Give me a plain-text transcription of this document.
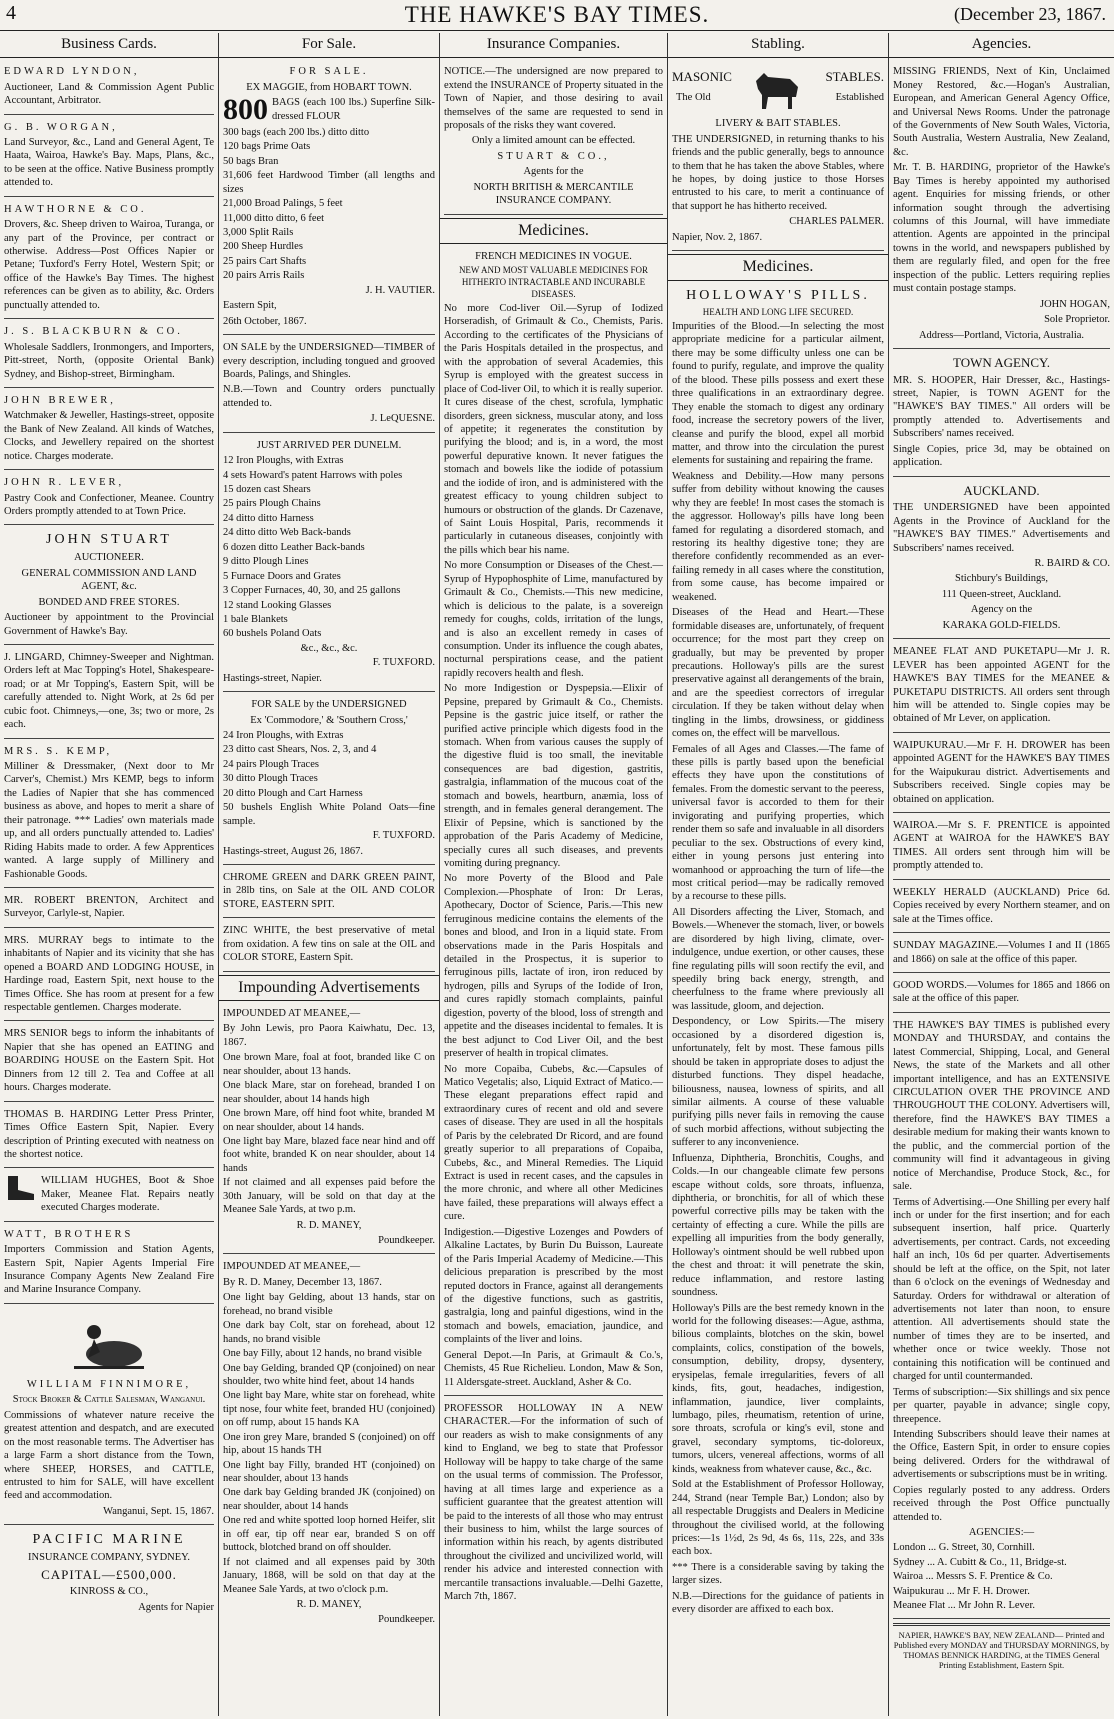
4	THE HAWKE'S BAY TIMES.	(December 23, 1867.
Business Cards.

EDWARD LYNDON,

Auctioneer, Land & Commission Agent Public Accountant, Arbitrator.

G. B. WORGAN,

Land Surveyor, &c., Land and General Agent, Te Haata, Wairoa, Hawke's Bay. Maps, Plans, &c., to be seen at the office. Native Business promptly attended to.

HAWTHORNE & CO.

Drovers, &c. Sheep driven to Wairoa, Turanga, or any part of the Province, per contract or otherwise. Address—Post Offices Napier or Petane; Tuxford's Ferry Hotel, Western Spit; or office of the Hawke's Bay Times. The highest references can be given as to ability, &c. Orders punctually attended to.

J. S. BLACKBURN & CO.

Wholesale Saddlers, Ironmongers, and Importers, Pitt-street, North, (opposite Oriental Bank) Sydney, and Bishop-street, Birmingham.

JOHN BREWER,

Watchmaker & Jeweller, Hastings-street, opposite the Bank of New Zealand. All kinds of Watches, Clocks, and Jewellery repaired on the shortest notice. Charges moderate.

JOHN R. LEVER,

Pastry Cook and Confectioner, Meanee. Country Orders promptly attended to at Town Price.

JOHN STUART

AUCTIONEER.

GENERAL COMMISSION AND LAND AGENT, &c.

BONDED AND FREE STORES.

Auctioneer by appointment to the Provincial Government of Hawke's Bay.

J. LINGARD, Chimney-Sweeper and Nightman. Orders left at Mac Topping's Hotel, Shakespeare-road; or at Mr Topping's, Eastern Spit, will be carefully attended to. Night Work, at 2s 6d per cubic foot. Chimneys,—one, 3s; two or more, 2s each.

MRS. S. KEMP,

Milliner & Dressmaker, (Next door to Mr Carver's, Chemist.) Mrs KEMP, begs to inform the Ladies of Napier that she has commenced business as above, and hopes to merit a share of their patronage. *** Ladies' own materials made up, and all orders punctually attended to. Ladies' Riding Habits made to order. A few Apprentices wanted. A large supply of Millinery and Fashionable Goods.

MR. ROBERT BRENTON, Architect and Surveyor, Carlyle-st, Napier.

MRS. MURRAY begs to intimate to the inhabitants of Napier and its vicinity that she has opened a BOARD AND LODGING HOUSE, in Hardinge road, Eastern Spit, next house to the Times Office. She has room at present for a few respectable gentlemen. Charges moderate.

MRS SENIOR begs to inform the inhabitants of Napier that she has opened an EATING and BOARDING HOUSE on the Eastern Spit. Hot Dinners from 12 till 2. Tea and Coffee at all hours. Charges moderate.

THOMAS B. HARDING Letter Press Printer, Times Office Eastern Spit, Napier. Every description of Printing executed with neatness on the shortest notice.

WILLIAM HUGHES, Boot & Shoe Maker, Meanee Flat. Repairs neatly executed Charges moderate.

WATT, BROTHERS

Importers Commission and Station Agents, Eastern Spit, Napier Agents Imperial Fire Insurance Company Agents New Zealand Fire and Marine Insurance Company.

WILLIAM FINNIMORE,

Stock Broker & Cattle Salesman, Wanganui.

Commissions of whatever nature receive the greatest attention and despatch, and are executed on the most reasonable terms. The Advertiser has a large Farm a short distance from the Town, where SHEEP, HORSES, and CATTLE, entrusted to him for SALE, will have excellent feed and accommodation.

Wanganui, Sept. 15, 1867.

PACIFIC MARINE

INSURANCE COMPANY, SYDNEY.

CAPITAL—£500,000.

KINROSS & CO.,

Agents for Napier

For Sale.

FOR SALE.

EX MAGGIE, from HOBART TOWN.

800 BAGS (each 100 lbs.) Superfine Silk-dressed FLOUR

300 bags (each 200 lbs.) ditto ditto
120 bags Prime Oats
50 bags Bran
31,606 feet Hardwood Timber (all lengths and sizes
21,000 Broad Palings, 5 feet
11,000 ditto ditto, 6 feet
3,000 Split Rails
200 Sheep Hurdles
25 pairs Cart Shafts
20 pairs Arris Rails

J. H. VAUTIER.

Eastern Spit,

26th October, 1867.

ON SALE by the UNDERSIGNED—TIMBER of every description, including tongued and grooved Boards, Palings, and Shingles.

N.B.—Town and Country orders punctually attended to.

J. LeQUESNE.

JUST ARRIVED PER DUNELM.

12 Iron Ploughs, with Extras
4 sets Howard's patent Harrows with poles
15 dozen cast Shears
25 pairs Plough Chains
24 ditto ditto Harness
24 ditto ditto Web Back-bands
6 dozen ditto Leather Back-bands
9 ditto Plough Lines
5 Furnace Doors and Grates
3 Copper Furnaces, 40, 30, and 25 gallons
12 stand Looking Glasses
1 bale Blankets
60 bushels Poland Oats
&c., &c., &c.

F. TUXFORD.

Hastings-street, Napier.

FOR SALE by the UNDERSIGNED

Ex 'Commodore,' & 'Southern Cross,'

24 Iron Ploughs, with Extras
23 ditto cast Shears, Nos. 2, 3, and 4
24 pairs Plough Traces
30 ditto Plough Traces
20 ditto Plough and Cart Harness
50 bushels English White Poland Oats—fine sample.

F. TUXFORD.

Hastings-street, August 26, 1867.

CHROME GREEN and DARK GREEN PAINT, in 28lb tins, on Sale at the OIL AND COLOR STORE, EASTERN SPIT.

ZINC WHITE, the best preservative of metal from oxidation. A few tins on sale at the OIL and COLOR STORE, Eastern Spit.

Impounding Advertisements

IMPOUNDED AT MEANEE,—

By John Lewis, pro Paora Kaiwhatu, Dec. 13, 1867.

One brown Mare, foal at foot, branded like C on near shoulder, about 13 hands.
One black Mare, star on forehead, branded I on near shoulder, about 14 hands high
One brown Mare, off hind foot white, branded M on near shoulder, about 14 hands.
One light bay Mare, blazed face near hind and off foot white, branded K on near shoulder, about 14 hands

If not claimed and all expenses paid before the 30th January, will be sold on that day at the Meanee Sale Yards, at two p.m.

R. D. MANEY,

Poundkeeper.

IMPOUNDED AT MEANEE,—

By R. D. Maney, December 13, 1867.

One light bay Gelding, about 13 hands, star on forehead, no brand visible
One dark bay Colt, star on forehead, about 12 hands, no brand visible
One bay Filly, about 12 hands, no brand visible
One bay Gelding, branded QP (conjoined) on near shoulder, two white hind feet, about 14 hands
One light bay Mare, white star on forehead, white tipt nose, four white feet, branded HU (conjoined) on off rump, about 15 hands KA
One iron grey Mare, branded S (conjoined) on off hip, about 15 hands TH
One light bay Filly, branded HT (conjoined) on near shoulder, about 13 hands
One dark bay Gelding branded JK (conjoined) on near shoulder, about 14 hands
One red and white spotted loop horned Heifer, slit in off ear, tip off near ear, branded S on off buttock, blotched brand on off shoulder.

If not claimed and all expenses paid by 30th January, 1868, will be sold on that day at the Meanee Sale Yards, at two o'clock p.m.

R. D. MANEY,

Poundkeeper.

Insurance Companies.

NOTICE.—The undersigned are now prepared to extend the INSURANCE of Property situated in the Town of Napier, and those desiring to avail themselves of the same are requested to send in proposals of the risks they want covered.

Only a limited amount can be effected.

STUART & CO.,

Agents for the

NORTH BRITISH & MERCANTILE INSURANCE COMPANY.

Medicines.

FRENCH MEDICINES IN VOGUE.

NEW AND MOST VALUABLE MEDICINES FOR HITHERTO INTRACTABLE AND INCURABLE DISEASES.

No more Cod-liver Oil.—Syrup of Iodized Horseradish, of Grimault & Co., Chemists, Paris. According to the certificates of the Physicians of the Paris Hospitals detailed in the prospectus, and with the approbation of several Academies, this Syrup is employed with the greatest success in place of Cod-liver Oil, to which it is really superior. It cures disease of the chest, scrofula, lymphatic disorders, green sickness, muscular atony, and loss of appetite; it regenerates the constitution by purifying the blood; and is, in a word, the most powerful depurative known. It never fatigues the stomach and bowels like the iodide of potassium and the iodide of iron, and is administered with the greatest efficacy to young children subject to humours or obstruction of the glands. Dr Cazenave, of Saint Louis Hospital, Paris, recommends it particularly in cutaneous diseases, conjointly with the pills which bear his name.

No more Consumption or Diseases of the Chest.—Syrup of Hypophosphite of Lime, manufactured by Grimault & Co., Chemists.—This new medicine, which is delicious to the palate, is a sovereign remedy for coughs, colds, irritation of the lungs, and is also an excellent remedy in cases of consumption. Under its influence the cough abates, nocturnal perspirations cease, and the patient rapidly recovers health and flesh.

No more Indigestion or Dyspepsia.—Elixir of Pepsine, prepared by Grimault & Co., Chemists. Pepsine is the gastric juice itself, or rather the purified active principle which digests food in the stomach. When from various causes the supply of the digestive fluid is too small, the inevitable consequences are bad digestion, gastritis, gastralgia, inflammation of the mucous coat of the stomach and bowels, heartburn, anæmia, loss of strength, and in females general derangement. The Elixir of Pepsine, which is sanctioned by the approbation of the Paris Academy of Medicine, specially cures all such diseases, and prevents vomiting during pregnancy.

No more Poverty of the Blood and Pale Complexion.—Phosphate of Iron: Dr Leras, Apothecary, Doctor of Science, Paris.—This new ferruginous medicine contains the elements of the bones and blood, and Iron in a liquid state. From observations made in the Paris Hospitals and detailed in the Prospectus, it is superior to ferruginous pills, lactate of iron, iron reduced by hydrogen, pills and Syrups of the Iodide of Iron, and cures rapidly stomach complaints, painful digestion, poverty of the blood, loss of strength and appetite and the diseases incidental to females. It is the best adjunct to Cod Liver Oil, and the best preserver of health in tropical climates.

No more Copaiba, Cubebs, &c.—Capsules of Matico Vegetalis; also, Liquid Extract of Matico.—These elegant preparations effect rapid and extraordinary cures of recent and old and severe cases of disease. They are used in all the hospitals of Paris by the celebrated Dr Ricord, and are found greatly superior to all preparations of Copaiba, Cubebs, &c., and Mineral Remedies. The Liquid Extract is used in recent cases, and the capsules in the more chronic, and where all other Medicines have failed, these preparations will always effect a cure.

Indigestion.—Digestive Lozenges and Powders of Alkaline Lactates, by Burin Du Buisson, Laureate of the Paris Imperial Academy of Medicine.—This delicious preparation is prescribed by the most reputed doctors in France, against all derangements of the digestive functions, such as gastritis, gastralgia, long and painful digestions, wind in the stomach and bowels, emaciation, jaundice, and complaints of the liver and loins.

General Depot.—In Paris, at Grimault & Co.'s, Chemists, 45 Rue Richelieu. London, Maw & Son, 11 Aldersgate-street. Auckland, Asher & Co.

PROFESSOR HOLLOWAY IN A NEW CHARACTER.—For the information of such of our readers as wish to make consignments of any kind to England, we beg to state that Professor Holloway will be happy to take charge of the same on the usual terms of commission. The Professor, having at all times large and experience as a sufficient guarantee that the greatest attention will be paid to the interests of all those who may entrust their business to him, whilst the large sources of information within his reach, by agents distributed throughout the civilized and uncivilized world, will render his advice and interested connection with mercantile transactions invaluable.—Delhi Gazette, March 7th, 1867.

Stabling.
MASONIC	STABLES.
The Old	Established

LIVERY & BAIT STABLES.

THE UNDERSIGNED, in returning thanks to his friends and the public generally, begs to announce to them that he has taken the above Stables, where he hopes, by doing justice to those Horses entrusted to his care, to merit a continuance of that support he has hitherto received.

CHARLES PALMER.

Napier, Nov. 2, 1867.

Medicines.

HOLLOWAY'S PILLS.

HEALTH AND LONG LIFE SECURED.

Impurities of the Blood.—In selecting the most appropriate medicine for a particular ailment, there may be some difficulty unless one can be found to purify, regulate, and improve the quality of the blood. These pills possess and exert these three qualifications in an extraordinary degree. They enable the stomach to digest any ordinary food, increase the secretory powers of the liver, cleanse and purify the blood, expel all morbid matter, and throw into the circulation the purest elements for sustaining and repairing the frame.

Weakness and Debility.—How many persons suffer from debility without knowing the causes why they are feeble! In most cases the stomach is the aggressor. Holloway's pills have long been famed for regulating a disordered stomach, and restoring its healthy digestive tone; they are therefore confidently recommended as an ever-failing remedy in all cases where the constitution, from some cause, has become impaired or weakened.

Diseases of the Head and Heart.—These formidable diseases are, unfortunately, of frequent occurrence; for the most part they creep on gradually, but may be prevented by proper precautions. Holloway's pills are the surest preservative against all derangements of the brain, and are the speediest correctors of irregular circulation. If they be taken without delay when tingling in the limbs, drowsiness, or giddiness comes on, the effect will be marvellous.

Females of all Ages and Classes.—The fame of these pills is partly based upon the beneficial effects they have upon the constitutions of females. From the domestic servant to the peeress, universal favor is accorded to them for their invigorating and purifying properties, which render them so safe and invaluable in all disorders peculiar to the sex. Obstructions of every kind, either in young persons just entering into womanhood or approaching the turn of life—the most critical period—may be radically removed by a recourse to these pills.

All Disorders affecting the Liver, Stomach, and Bowels.—Whenever the stomach, liver, or bowels are disordered by high living, climate, over-indulgence, undue exertion, or other causes, these fine regulating pills will soon rectify the evil, and speedily bring back energy, strength, and cheerfulness to the frame where previously all was lassitude, gloom, and dejection.

Despondency, or Low Spirits.—The misery occasioned by a disordered digestion is, unfortunately, felt by most. These famous pills should be taken in appropriate doses to adjust the disturbed functions. They dispel headache, biliousness, nausea, lowness of spirits, and all similar ailments. A course of these valuable purifying pills never fails in removing the cause of such morbid affections, without subjecting the sufferer to any inconvenience.

Influenza, Diphtheria, Bronchitis, Coughs, and Colds.—In our changeable climate few persons escape without colds, sore throats, influenza, diphtheria, or bronchitis, for all of which these powerful corrective pills may be taken with the certainty of effecting a cure. While the pills are expelling all impurities from the body generally, Holloway's ointment should be well rubbed upon the chest and throat: it will penetrate the skin, reduce inflammation, and restore lasting soundness.

Holloway's Pills are the best remedy known in the world for the following diseases:—Ague, asthma, bilious complaints, blotches on the skin, bowel complaints, colics, constipation of the bowels, consumption, debility, dropsy, dysentery, erysipelas, female irregularities, fevers of all kinds, fits, gout, headaches, indigestion, inflammation, jaundice, liver complaints, lumbago, piles, rheumatism, retention of urine, sore throats, scrofula or king's evil, stone and gravel, secondary symptoms, tic-doloreux, tumors, ulcers, venereal affections, worms of all kinds, weakness from whatever cause, &c., &c.

Sold at the Establishment of Professor Holloway, 244, Strand (near Temple Bar,) London; also by all respectable Druggists and Dealers in Medicine throughout the civilised world, at the following prices:—1s 1½d, 2s 9d, 4s 6s, 11s, 22s, and 33s each box.

*** There is a considerable saving by taking the larger sizes.

N.B.—Directions for the guidance of patients in every disorder are affixed to each box.

Agencies.

MISSING FRIENDS, Next of Kin, Unclaimed Money Restored, &c.—Hogan's Australian, European, and American General Agency Office, and Universal News Rooms. Under the patronage of the Governments of New South Wales, Victoria, South Australia, Western Australia, New Zealand, &c.

Mr. T. B. HARDING, proprietor of the Hawke's Bay Times is hereby appointed my authorised agent. Enquiries for missing friends, or other information sought through the advertising columns of this Journal, will have immediate attention. Agents are appointed in the principal towns in the world, and newspapers published by them are regularly filed, and open for the free inspection of the public. Letters requiring replies must contain postage stamps.

JOHN HOGAN,

Sole Proprietor.

Address—Portland, Victoria, Australia.

TOWN AGENCY.

MR. S. HOOPER, Hair Dresser, &c., Hastings-street, Napier, is TOWN AGENT for the "HAWKE'S BAY TIMES." All orders will be promptly attended to. Advertisements and Subscribers' names received.

Single Copies, price 3d, may be obtained on application.

AUCKLAND.

THE UNDERSIGNED have been appointed Agents in the Province of Auckland for the "HAWKE'S BAY TIMES." Advertisements and Subscribers' names received.

R. BAIRD & CO.

Stichbury's Buildings,

111 Queen-street, Auckland.

Agency on the

KARAKA GOLD-FIELDS.

MEANEE FLAT AND PUKETAPU—Mr J. R. LEVER has been appointed AGENT for the HAWKE'S BAY TIMES for the MEANEE & PUKETAPU DISTRICTS. All orders sent through him will be attended to. Single copies may be obtained of Mr Lever, on application.

WAIPUKURAU.—Mr F. H. DROWER has been appointed AGENT for the HAWKE'S BAY TIMES for the Waipukurau district. Advertisements and Subscribers received. Single copies may be obtained on application.

WAIROA.—Mr S. F. PRENTICE is appointed AGENT at WAIROA for the HAWKE'S BAY TIMES. All orders sent through him will be promptly attended to.

WEEKLY HERALD (AUCKLAND) Price 6d. Copies received by every Northern steamer, and on sale at the Times office.

SUNDAY MAGAZINE.—Volumes I and II (1865 and 1866) on sale at the office of this paper.

GOOD WORDS.—Volumes for 1865 and 1866 on sale at the office of this paper.

THE HAWKE'S BAY TIMES is published every MONDAY and THURSDAY, and contains the latest Commercial, Shipping, Local, and General News, the state of the Markets and all other important intelligence, and has an EXTENSIVE CIRCULATION OVER THE PROVINCE AND THROUGHOUT THE COLONY. Advertisers will, therefore, find the HAWKE'S BAY TIMES a desirable medium for making their wants known to the public, and the commercial portion of the community will find it advantageous in giving notice of Merchandise, Produce Stock, &c., for sale.

Terms of Advertising.—One Shilling per every half inch or under for the first insertion; and for each subsequent insertion, half price. Quarterly advertisements, per contract. Cards, not exceeding half an inch, 10s 6d per quarter. Advertisements should be left at the office, on the Spit, not later than 6 o'clock on the evenings of Wednesday and Saturday. Orders for withdrawal or alteration of advertisements not later than noon, to ensure attention. All advertisements should state the number of times they are to be inserted, and whether once or twice weekly. Those not containing this notification will be continued and charged for until countermanded.

Terms of subscription:—Six shillings and six pence per quarter, payable in advance; single copy, threepence.

Intending Subscribers should leave their names at the Office, Eastern Spit, in order to ensure copies being delivered. Orders for the withdrawal of advertisements or subscriptions must be in writing.

Copies regularly posted to any address. Orders received through the Post Office punctually attended to.

AGENCIES:—

London ... G. Street, 30, Cornhill.
Sydney ... A. Cubitt & Co., 11, Bridge-st.
Wairoa ... Messrs S. F. Prentice & Co.
Waipukurau ... Mr F. H. Drower.
Meanee Flat ... Mr John R. Lever.
NAPIER, HAWKE'S BAY, NEW ZEALAND— Printed and Published every MONDAY and THURSDAY MORNINGS, by THOMAS BENNICK HARDING, at the TIMES General Printing Establishment, Eastern Spit.
